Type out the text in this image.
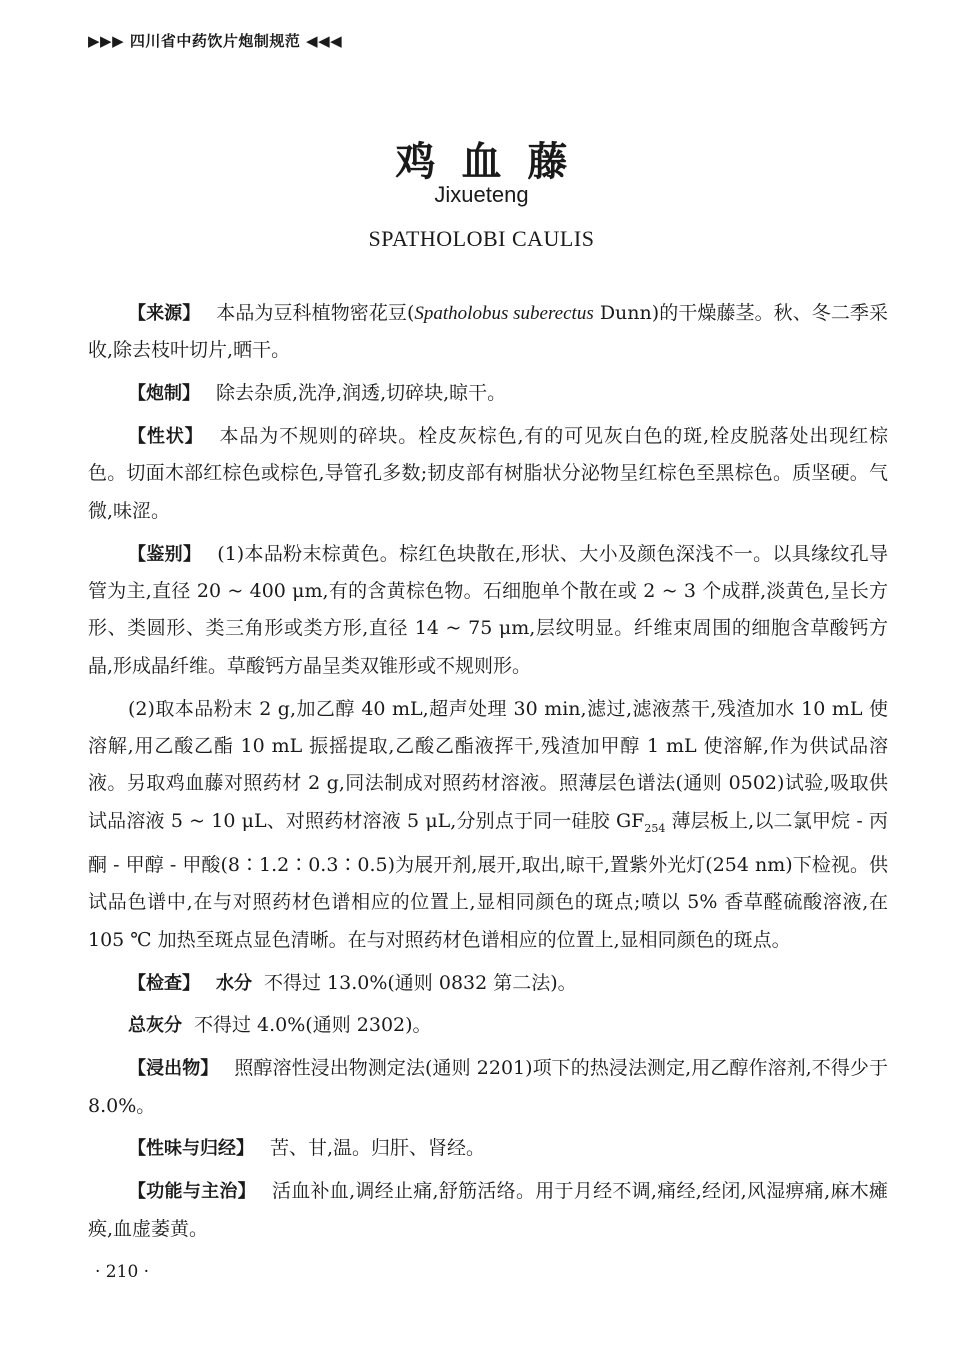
▶▶▶ 四川省中药饮片炮制规范 ◀◀◀
鸡血藤
Jixueteng
SPATHOLOBI CAULIS

【来源】 本品为豆科植物密花豆(Spatholobus suberectus Dunn)的干燥藤茎。秋、冬二季采收,除去枝叶切片,晒干。

【炮制】 除去杂质,洗净,润透,切碎块,晾干。

【性状】 本品为不规则的碎块。栓皮灰棕色,有的可见灰白色的斑,栓皮脱落处出现红棕色。切面木部红棕色或棕色,导管孔多数;韧皮部有树脂状分泌物呈红棕色至黑棕色。质坚硬。气微,味涩。

【鉴别】 (1)本品粉末棕黄色。棕红色块散在,形状、大小及颜色深浅不一。以具缘纹孔导管为主,直径 20 ~ 400 μm,有的含黄棕色物。石细胞单个散在或 2 ~ 3 个成群,淡黄色,呈长方形、类圆形、类三角形或类方形,直径 14 ~ 75 μm,层纹明显。纤维束周围的细胞含草酸钙方晶,形成晶纤维。草酸钙方晶呈类双锥形或不规则形。

(2)取本品粉末 2 g,加乙醇 40 mL,超声处理 30 min,滤过,滤液蒸干,残渣加水 10 mL 使溶解,用乙酸乙酯 10 mL 振摇提取,乙酸乙酯液挥干,残渣加甲醇 1 mL 使溶解,作为供试品溶液。另取鸡血藤对照药材 2 g,同法制成对照药材溶液。照薄层色谱法(通则 0502)试验,吸取供试品溶液 5 ~ 10 μL、对照药材溶液 5 μL,分别点于同一硅胶 $GF_{254}$ 薄层板上,以二氯甲烷 - 丙酮 - 甲醇 - 甲酸(8∶1.2∶0.3∶0.5)为展开剂,展开,取出,晾干,置紫外光灯(254 nm)下检视。供试品色谱中,在与对照药材色谱相应的位置上,显相同颜色的斑点;喷以 5% 香草醛硫酸溶液,在 105 ℃ 加热至斑点显色清晰。在与对照药材色谱相应的位置上,显相同颜色的斑点。

【检查】 水分 不得过 13.0%(通则 0832 第二法)。

总灰分 不得过 4.0%(通则 2302)。

【浸出物】 照醇溶性浸出物测定法(通则 2201)项下的热浸法测定,用乙醇作溶剂,不得少于 8.0%。

【性味与归经】 苦、甘,温。归肝、肾经。

【功能与主治】 活血补血,调经止痛,舒筋活络。用于月经不调,痛经,经闭,风湿痹痛,麻木瘫痪,血虚萎黄。

· 210 ·
